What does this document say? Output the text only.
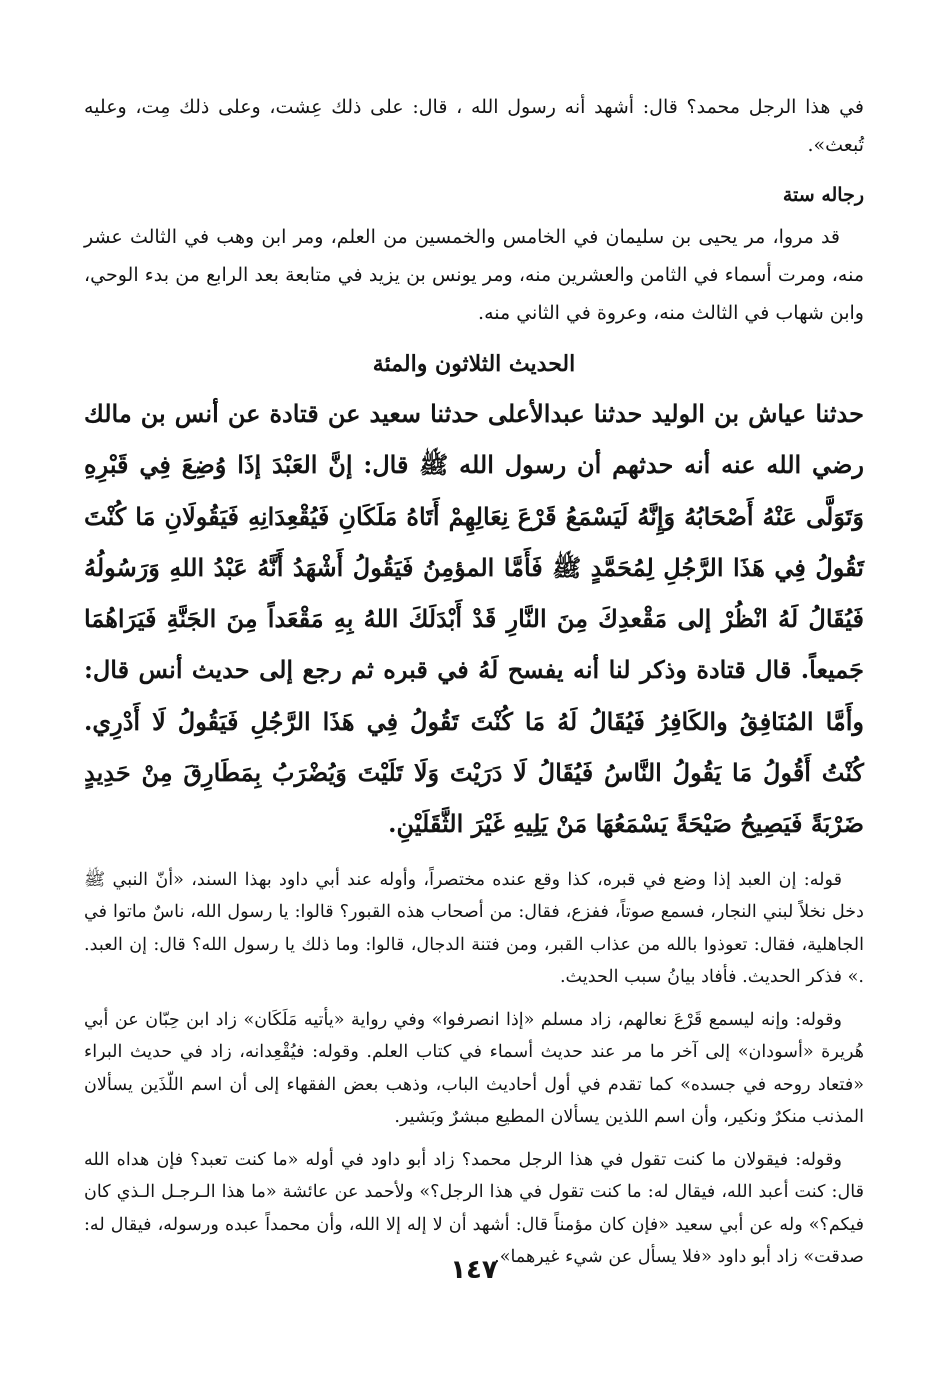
في هذا الرجل محمد؟ قال: أشهد أنه رسول الله ، قال: على ذلك عِشت، وعلى ذلك مِت، وعليه تُبعث».

رجاله ستة

قد مروا، مر يحيى بن سليمان في الخامس والخمسين من العلم، ومر ابن وهب في الثالث عشر منه، ومرت أسماء في الثامن والعشرين منه، ومر يونس بن يزيد في متابعة بعد الرابع من بدء الوحي، وابن شهاب في الثالث منه، وعروة في الثاني منه.

الحديث الثلاثون والمئة

حدثنا عياش بن الوليد حدثنا عبدالأعلى حدثنا سعيد عن قتادة عن أنس بن مالك رضي الله عنه أنه حدثهم أن رسول الله ﷺ قال: إنَّ العَبْدَ إذَا وُضِعَ فِي قَبْرِهِ وَتَوَلَّى عَنْهُ أَصْحَابُهُ وَإِنَّهُ لَيَسْمَعُ قَرْعَ نِعَالِهِمْ أَتَاهُ مَلَكَانِ فَيُقْعِدَانِهِ فَيَقُولَانِ مَا كُنْتَ تَقُولُ فِي هَذَا الرَّجُلِ لِمُحَمَّدٍ ﷺ فَأَمَّا المؤمِنُ فَيَقُولُ أَشْهَدُ أَنَّهُ عَبْدُ اللهِ وَرَسُولُهُ فَيُقَالُ لَهُ انْظُرْ إلى مَقْعدِكَ مِنَ النَّارِ قَدْ أَبْدَلَكَ اللهُ بِهِ مَقْعَداً مِنَ الجَنَّةِ فَيَرَاهُمَا جَميعاً. قال قتادة وذكر لنا أنه يفسح لَهُ في قبره ثم رجع إلى حديث أنس قال: وأَمَّا المُنَافِقُ والكَافِرُ فَيُقَالُ لَهُ مَا كُنْتَ تَقُولُ فِي هَذَا الرَّجُلِ فَيَقُولُ لَا أَدْرِي. كُنْتُ أَقُولُ مَا يَقُولُ النَّاسُ فَيُقَالُ لَا دَرَيْتَ وَلَا تَلَيْتَ وَيُضْرَبُ بِمَطَارِقَ مِنْ حَدِيدٍ ضَرْبَةً فَيَصِيحُ صَيْحَةً يَسْمَعُهَا مَنْ يَلِيهِ غَيْرَ الثَّقَلَيْنِ.

قوله: إن العبد إذا وضع في قبره، كذا وقع عنده مختصراً، وأوله عند أبي داود بهذا السند، «أنّ النبي ﷺ دخل نخلاً لبني النجار، فسمع صوتاً، ففزع، فقال: من أصحاب هذه القبور؟ قالوا: يا رسول الله، ناسٌ ماتوا في الجاهلية، فقال: تعوذوا بالله من عذاب القبر، ومن فتنة الدجال، قالوا: وما ذلك يا رسول الله؟ قال: إن العبد. .» فذكر الحديث. فأفاد بيانُ سبب الحديث.

وقوله: وإنه ليسمع قَرْعَ نعالهم، زاد مسلم «إذا انصرفوا» وفي رواية «يأتيه مَلَكَان» زاد ابن حِبّان عن أبي هُريرة «أسودان» إلى آخر ما مر عند حديث أسماء في كتاب العلم. وقوله: فيُقْعِدانه، زاد في حديث البراء «فتعاد روحه في جسده» كما تقدم في أول أحاديث الباب، وذهب بعض الفقهاء إلى أن اسم اللّذَين يسألان المذنب منكرٌ ونكير، وأن اسم اللذين يسألان المطيع مبشرٌ وبَشير.

وقوله: فيقولان ما كنت تقول في هذا الرجل محمد؟ زاد أبو داود في أوله «ما كنت تعبد؟ فإن هداه الله قال: كنت أعبد الله، فيقال له: ما كنت تقول في هذا الرجل؟» ولأحمد عن عائشة «ما هذا الـرجـل الـذي كان فيكم؟» وله عن أبي سعيد «فإن كان مؤمناً قال: أشهد أن لا إله إلا الله، وأن محمداً عبده ورسوله، فيقال له: صدقت» زاد أبو داود «فلا يسأل عن شيء غيرهما».

١٤٧
